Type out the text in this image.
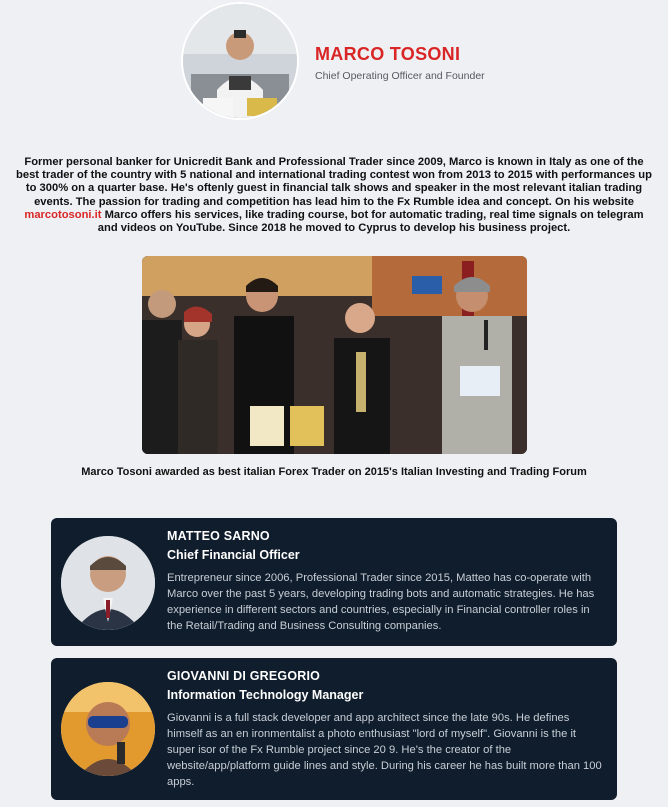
MARCO TOSONI
Chief Operating Officer and Founder
Former personal banker for Unicredit Bank and Professional Trader since 2009, Marco is known in Italy as one of the best trader of the country with 5 national and international trading contest won from 2013 to 2015 with performances up to 300% on a quarter base. He's oftenly guest in financial talk shows and speaker in the most relevant italian trading events. The passion for trading and competition has lead him to the Fx Rumble idea and concept. On his website marcotosoni.it Marco offers his services, like trading course, bot for automatic trading, real time signals on telegram and videos on YouTube. Since 2018 he moved to Cyprus to develop his business project.
Marco Tosoni awarded as best italian Forex Trader on 2015's Italian Investing and Trading Forum
MATTEO SARNO
Chief Financial Officer
Entrepreneur since 2006, Professional Trader since 2015, Matteo has co-operate with Marco over the past 5 years, developing trading bots and automatic strategies. He has experience in different sectors and countries, especially in Financial controller roles in the Retail/Trading and Business Consulting companies.
GIOVANNI DI GREGORIO
Information Technology Manager
Giovanni is a full stack developer and app architect since the late 90s. He defines himself as an en ironmentalist a photo enthusiast "lord of myself". Giovanni is the it super isor of the Fx Rumble project since 20 9. He's the creator of the website/app/platform guide lines and style. During his career he has built more than 100 apps.
